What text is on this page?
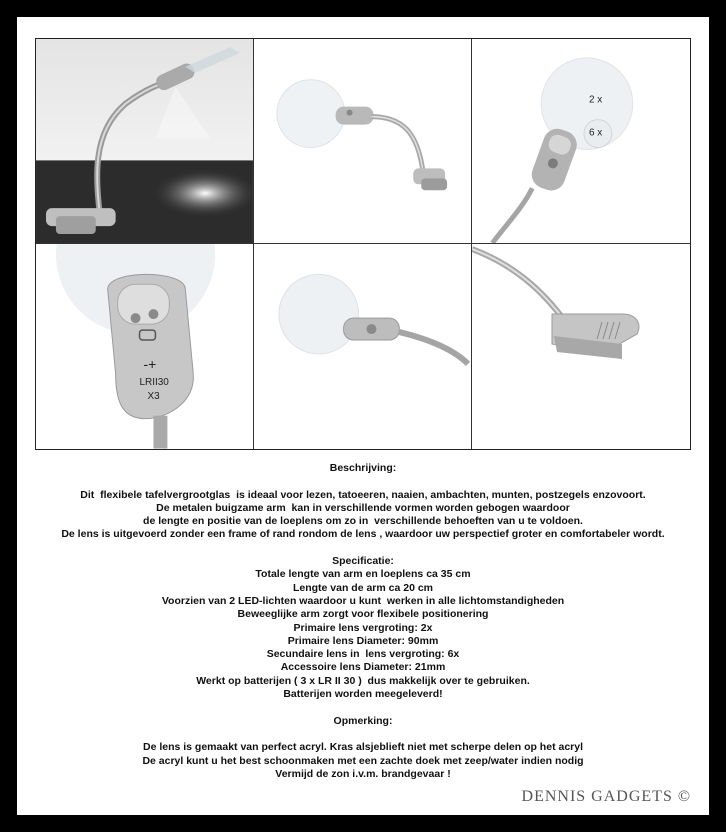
2 x
6 x
-+
LRII30
X3
Beschrijving:
Dit  flexibele tafelvergrootglas  is ideaal voor lezen, tatoeeren, naaien, ambachten, munten, postzegels enzovoort.
De metalen buigzame arm  kan in verschillende vormen worden gebogen waardoor
de lengte en positie van de loeplens om zo in  verschillende behoeften van u te voldoen.
De lens is uitgevoerd zonder een frame of rand rondom de lens , waardoor uw perspectief groter en comfortabeler wordt.
Specificatie:
Totale lengte van arm en loeplens ca 35 cm
Lengte van de arm ca 20 cm
Voorzien van 2 LED-lichten waardoor u kunt  werken in alle lichtomstandigheden
Beweeglijke arm zorgt voor flexibele positionering
Primaire lens vergroting: 2x
Primaire lens Diameter: 90mm
Secundaire lens in  lens vergroting: 6x
Accessoire lens Diameter: 21mm
Werkt op batterijen ( 3 x LR II 30 )  dus makkelijk over te gebruiken.
Batterijen worden meegeleverd!
Opmerking:
De lens is gemaakt van perfect acryl. Kras alsjeblieft niet met scherpe delen op het acryl
De acryl kunt u het best schoonmaken met een zachte doek met zeep/water indien nodig
Vermijd de zon i.v.m. brandgevaar !
DENNIS GADGETS ©
